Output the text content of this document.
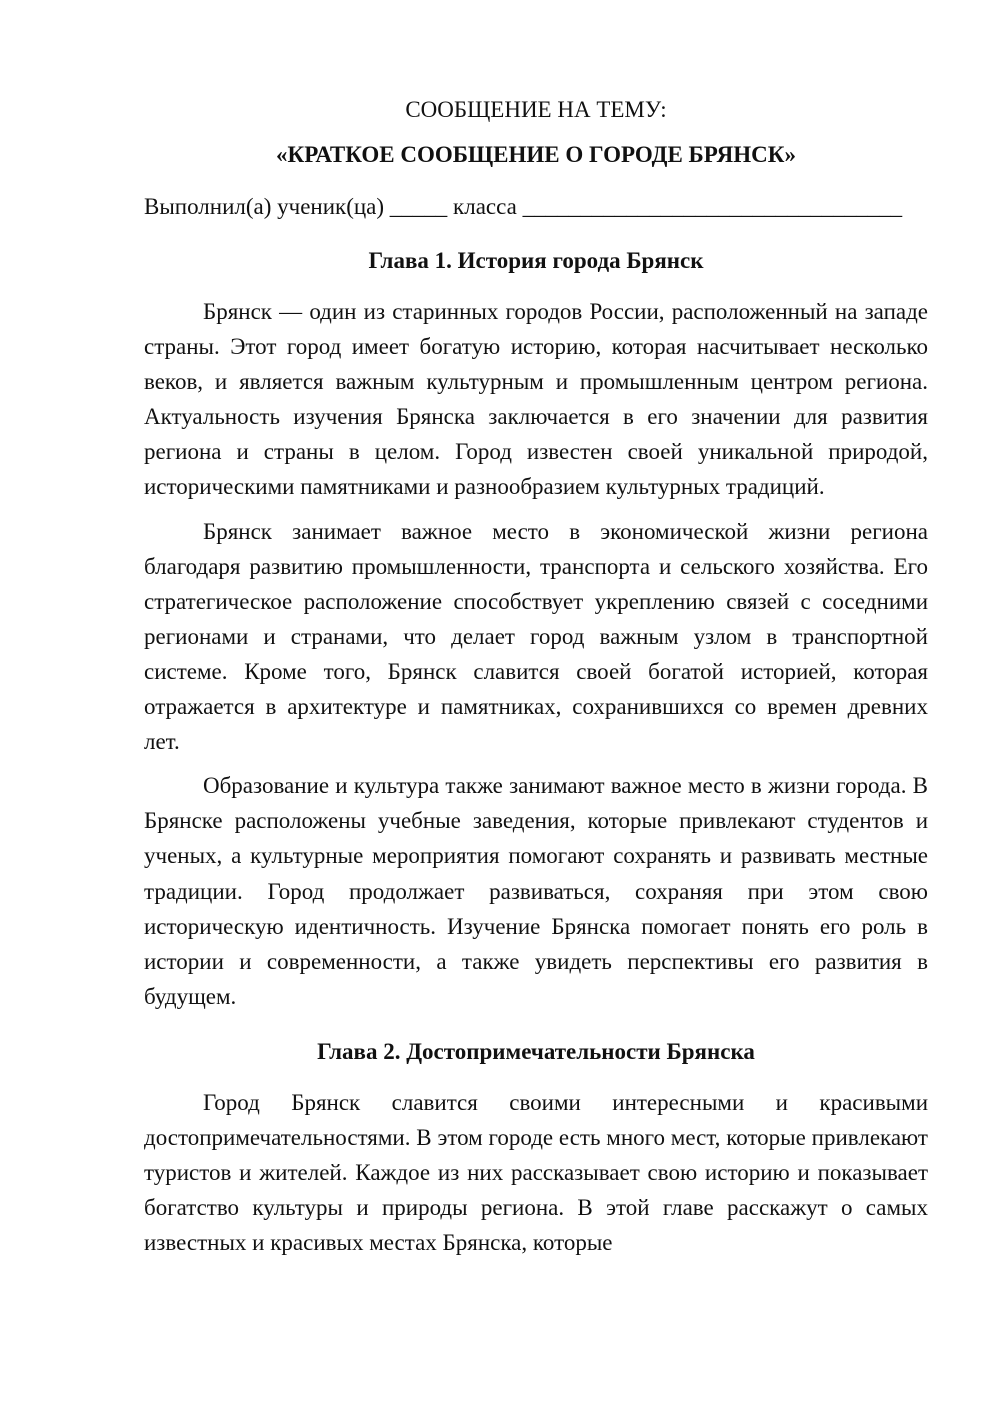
СООБЩЕНИЕ НА ТЕМУ:

«КРАТКОЕ СООБЩЕНИЕ О ГОРОДЕ БРЯНСК»

Выполнил(а) ученик(ца) _____ класса _________________________________
Глава 1. История города Брянск

Брянск — один из старинных городов России, расположенный на западе страны. Этот город имеет богатую историю, которая насчитывает несколько веков, и является важным культурным и промышленным центром региона. Актуальность изучения Брянска заключается в его значении для развития региона и страны в целом. Город известен своей уникальной природой, историческими памятниками и разнообразием культурных традиций.

Брянск занимает важное место в экономической жизни региона благодаря развитию промышленности, транспорта и сельского хозяйства. Его стратегическое расположение способствует укреплению связей с соседними регионами и странами, что делает город важным узлом в транспортной системе. Кроме того, Брянск славится своей богатой историей, которая отражается в архитектуре и памятниках, сохранившихся со времен древних лет.

Образование и культура также занимают важное место в жизни города. В Брянске расположены учебные заведения, которые привлекают студентов и ученых, а культурные мероприятия помогают сохранять и развивать местные традиции. Город продолжает развиваться, сохраняя при этом свою историческую идентичность. Изучение Брянска помогает понять его роль в истории и современности, а также увидеть перспективы его развития в будущем.

Глава 2. Достопримечательности Брянска

Город Брянск славится своими интересными и красивыми достопримечательностями. В этом городе есть много мест, которые привлекают туристов и жителей. Каждое из них рассказывает свою историю и показывает богатство культуры и природы региона. В этой главе расскажут о самых известных и красивых местах Брянска, которые
